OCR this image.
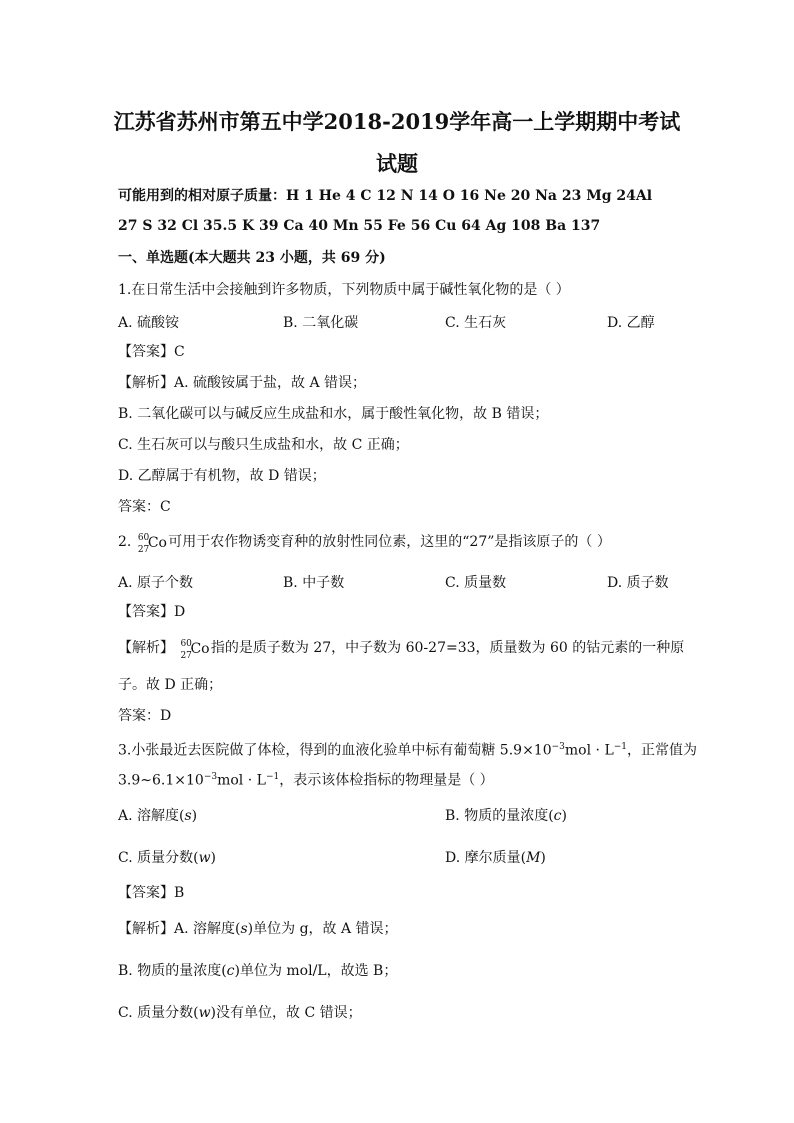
江苏省苏州市第五中学2018-2019学年高一上学期期中考试
试题
可能用到的相对原子质量：H 1 He 4 C 12 N 14 O 16 Ne 20 Na 23 Mg 24Al
27 S 32 Cl 35.5 K 39 Ca 40 Mn 55 Fe 56 Cu 64 Ag 108 Ba 137
一、单选题(本大题共 23 小题，共 69 分)
1.在日常生活中会接触到许多物质，下列物质中属于碱性氧化物的是（ ）
A. 硫酸铵	B. 二氧化碳	C. 生石灰	D. 乙醇
【答案】C
【解析】A. 硫酸铵属于盐，故 A 错误；
B. 二氧化碳可以与碱反应生成盐和水，属于酸性氧化物，故 B 错误；
C. 生石灰可以与酸只生成盐和水，故 C 正确；
D. 乙醇属于有机物，故 D 错误；
答案：C
2. 60
27
Co 可用于农作物诱变育种的放射性同位素，这里的“27”是指该原子的（ ）
A. 原子个数	B. 中子数	C. 质量数	D. 质子数
【答案】D
【解析】 60
27
Co 指的是质子数为 27，中子数为 60-27=33，质量数为 60 的钴元素的一种原
子。故 D 正确；
答案：D
3.小张最近去医院做了体检，得到的血液化验单中标有葡萄糖 $5.9\times 10^{-3}mol \cdot L^{-1}$，正常值为
$3.9\sim 6.1\times 10^{-3}mol \cdot L^{-1}$，表示该体检指标的物理量是（ ）
A. 溶解度(𝑠)	B. 物质的量浓度(𝑐)
C. 质量分数(𝑤)	D. 摩尔质量(𝑀)
【答案】B
【解析】A. 溶解度(𝑠)单位为 g，故 A 错误；
B. 物质的量浓度(𝑐)单位为 mol/L，故选 B；
C. 质量分数(𝑤)没有单位，故 C 错误；
